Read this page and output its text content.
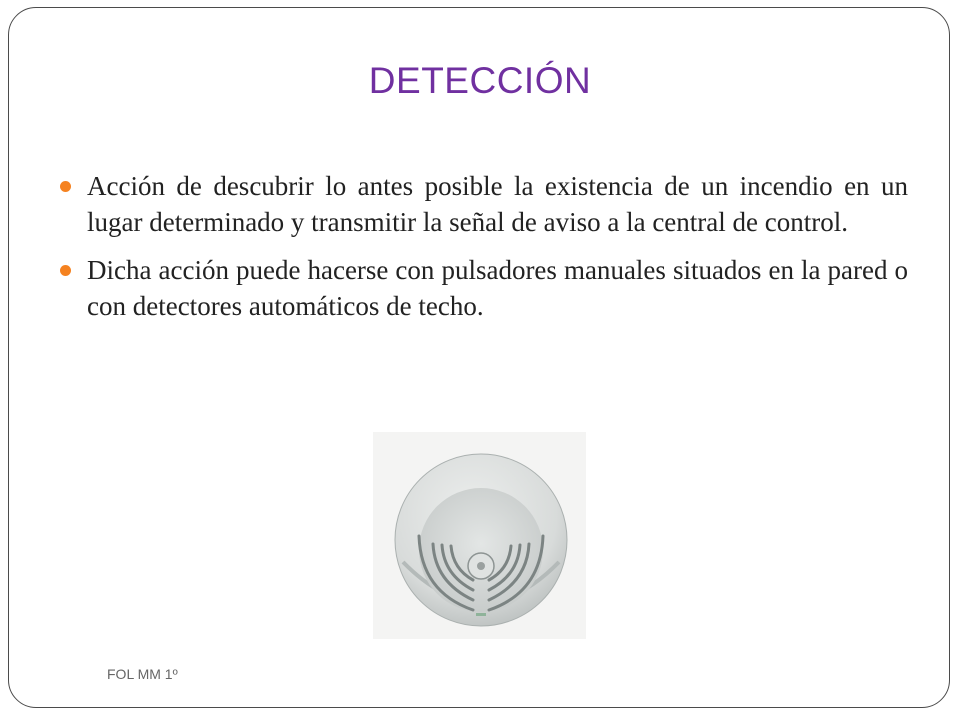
DETECCIÓN
Acción de descubrir lo antes posible la existencia de un incendio en un lugar determinado y transmitir la señal de aviso a la central de control.
Dicha acción puede hacerse con pulsadores manuales situados en la pared o con detectores automáticos de techo.
FOL MM 1º
